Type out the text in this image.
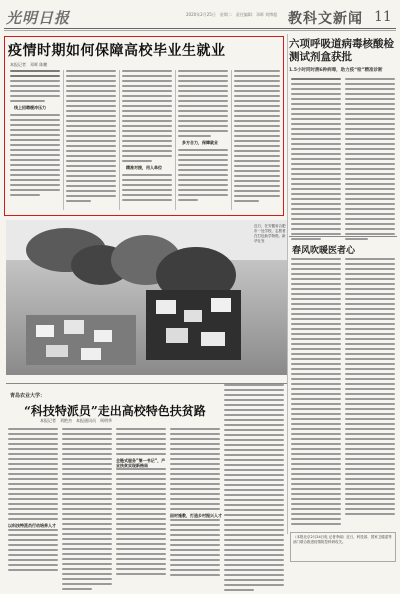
光明日报	2020年2月25日　星期二　责任编辑：邓晖 刘博超 教科文新闻 11
疫情时期如何保障高校毕业生就业
本报记者　邓晖 陈鹏
线上招聘缓冲压力
精准对接，用人单位
多方合力，保障就业
六项呼吸道病毒核酸检测试剂盒获批
1.5小时同时测6种病毒，助力疫“检”精准诊断
春风吹暖医者心
近日，在安徽省合肥市一处学校，志愿者在打包助学物资。新华社发
青岛农业大学：
“科技特派员”走出高校特色扶贫路
本报记者　刘艳杰　本报通讯员　周明华
以科技特派员行动培养人才
全链式服务”第一书记”，产业扶贫实现新格局
因材施教，打造乡村振兴人才
（本报北京2月24日电 记者李丽）近日，科技部、国家卫健委等部门联合推进疫情防控科研攻关。
